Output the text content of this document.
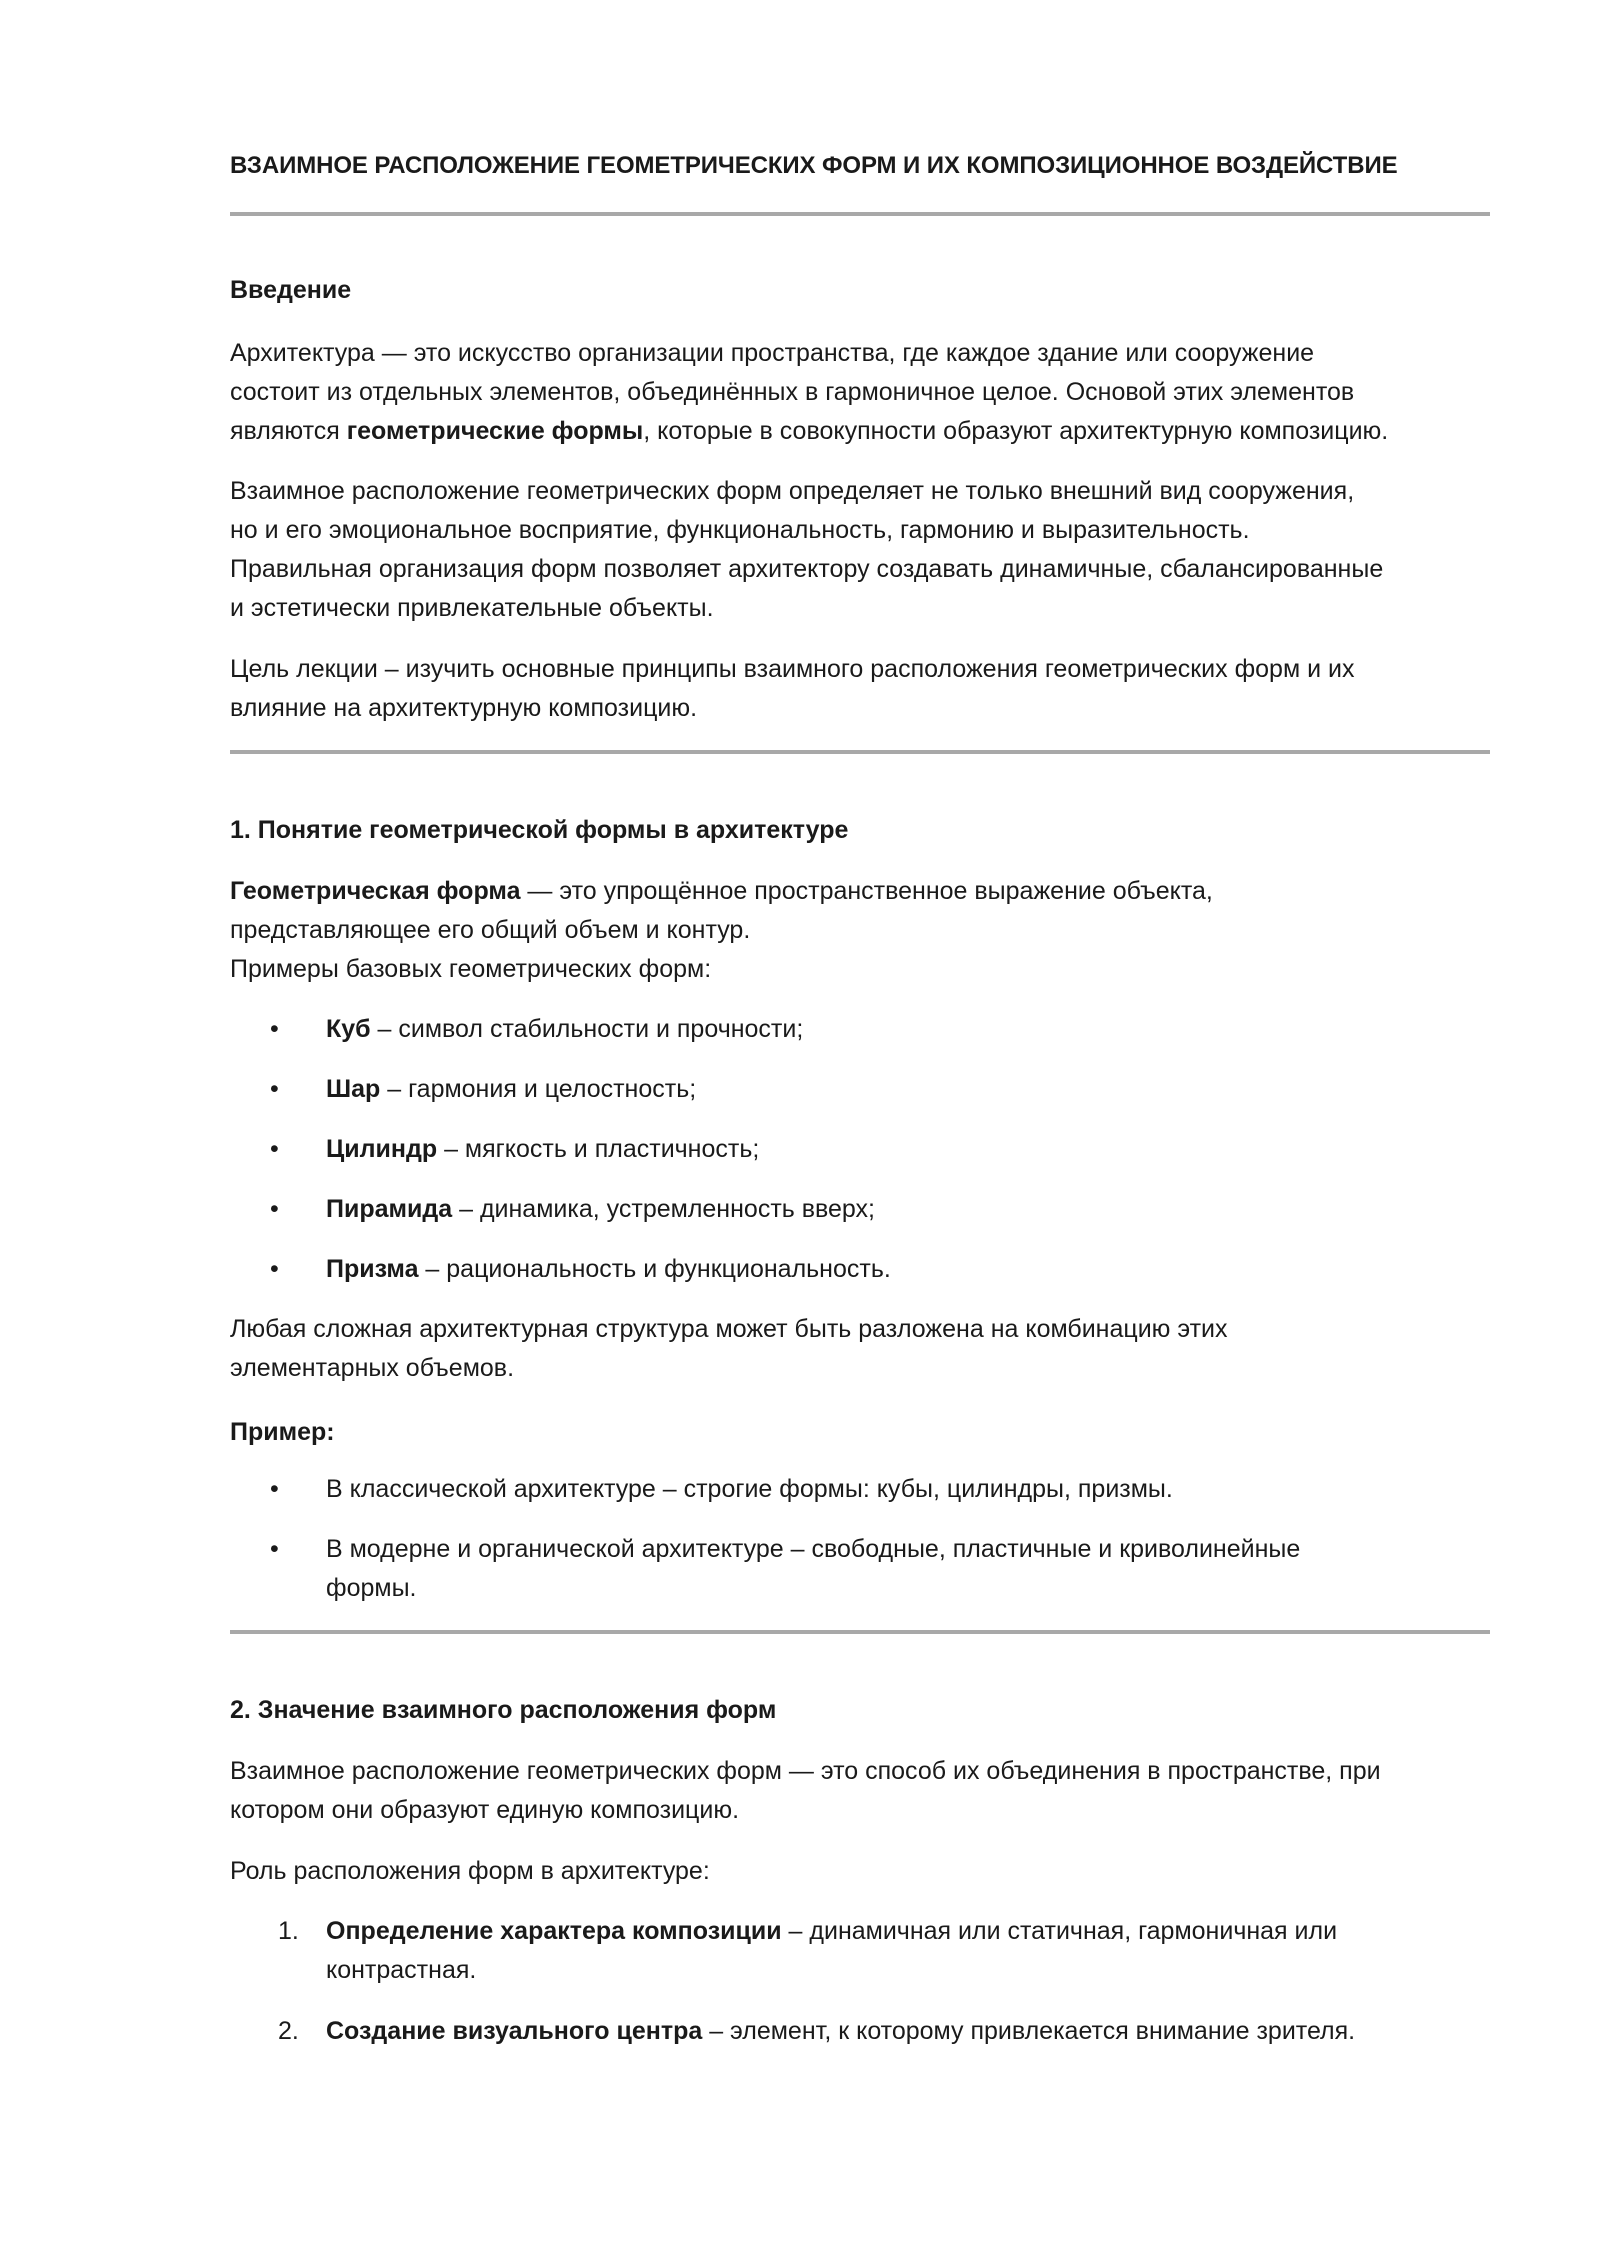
ВЗАИМНОЕ РАСПОЛОЖЕНИЕ ГЕОМЕТРИЧЕСКИХ ФОРМ И ИХ КОМПОЗИЦИОННОЕ ВОЗДЕЙСТВИЕ
Введение
Архитектура — это искусство организации пространства, где каждое здание или сооружение
состоит из отдельных элементов, объединённых в гармоничное целое. Основой этих элементов
являются геометрические формы, которые в совокупности образуют архитектурную композицию.
Взаимное расположение геометрических форм определяет не только внешний вид сооружения,
но и его эмоциональное восприятие, функциональность, гармонию и выразительность.
Правильная организация форм позволяет архитектору создавать динамичные, сбалансированные
и эстетически привлекательные объекты.
Цель лекции – изучить основные принципы взаимного расположения геометрических форм и их
влияние на архитектурную композицию.
1. Понятие геометрической формы в архитектуре
Геометрическая форма — это упрощённое пространственное выражение объекта,
представляющее его общий объем и контур.
Примеры базовых геометрических форм:
•	Куб – символ стабильности и прочности;
•	Шар – гармония и целостность;
•	Цилиндр – мягкость и пластичность;
•	Пирамида – динамика, устремленность вверх;
•	Призма – рациональность и функциональность.
Любая сложная архитектурная структура может быть разложена на комбинацию этих
элементарных объемов.
Пример:
•	В классической архитектуре – строгие формы: кубы, цилиндры, призмы.
•	В модерне и органической архитектуре – свободные, пластичные и криволинейные
формы.
2. Значение взаимного расположения форм
Взаимное расположение геометрических форм — это способ их объединения в пространстве, при
котором они образуют единую композицию.
Роль расположения форм в архитектуре:
1.	Определение характера композиции – динамичная или статичная, гармоничная или
контрастная.
2.	Создание визуального центра – элемент, к которому привлекается внимание зрителя.
